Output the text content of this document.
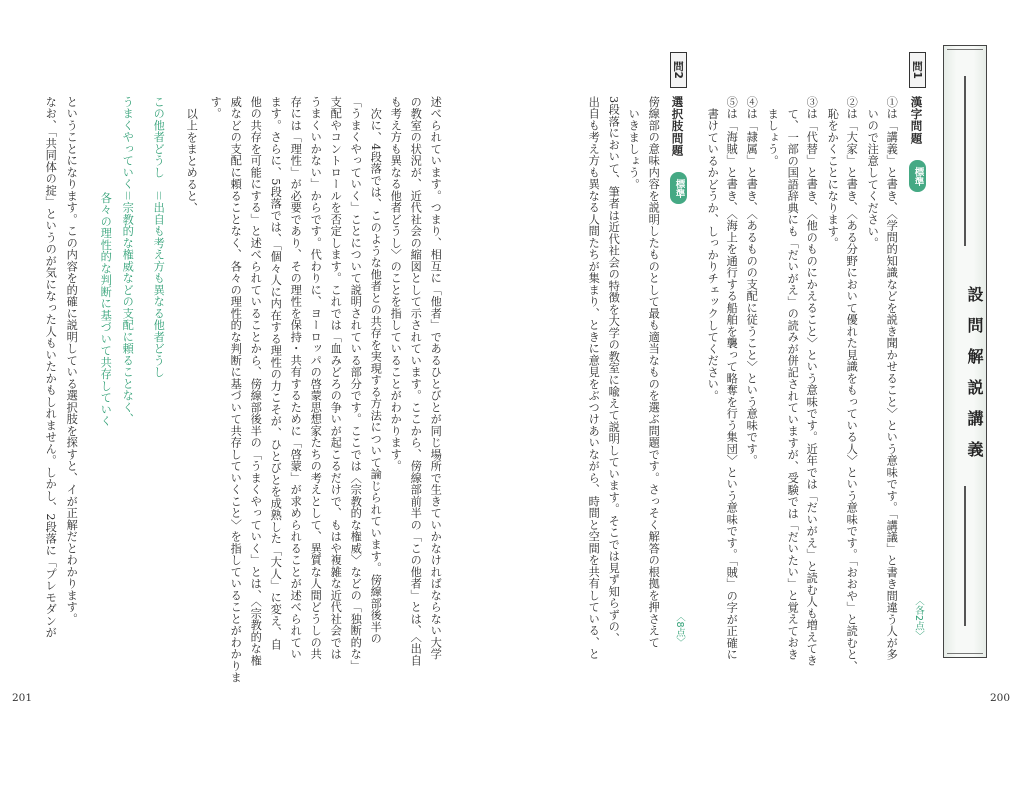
設問解説講義
問1
漢字問題
標準
〈各2点〉
①は「講義」と書き、〈学問的知識などを説き聞かせること〉という意味です。「講議」と書き間違う人が多
いので注意してください。
②は「大家」と書き、〈ある分野において優れた見識をもっている人〉という意味です。「おおや」と読むと、
恥をかくことになります。
③は「代替」と書き、〈他のものにかえること〉という意味です。近年では「だいがえ」と読む人も増えてき
て、一部の国語辞典にも「だいがえ」の読みが併記されていますが、受験では「だいたい」と覚えておき
ましょう。
④は「隷属」と書き、〈あるものの支配に従うこと〉という意味です。
⑤は「海賊」と書き、〈海上を通行する船舶を襲って略奪を行う集団〉という意味です。「賊」の字が正確に
書けているかどうか、しっかりチェックしてください。
問2
選択肢問題
標準
〈8点〉
傍線部の意味内容を説明したものとして最も適当なものを選ぶ問題です。さっそく解答の根拠を押さえて
いきましょう。
3段落において、筆者は近代社会の特徴を大学の教室に喩えて説明しています。そこでは見ず知らずの、
出自も考え方も異なる人間たちが集まり、ときに意見をぶつけあいながら、時間と空間を共有している、と
200
述べられています。つまり、相互に「他者」であるひとびとが同じ場所で生きていかなければならない大学
の教室の状況が、近代社会の縮図として示されています。ここから、傍線部前半の「この他者」とは、〈出自
も考え方も異なる他者どうし〉のことを指していることがわかります。
次に、4段落では、このような他者との共存を実現する方法について論じられています。傍線部後半の
「うまくやっていく」ことについて説明されている部分です。ここでは〈宗教的な権威〉などの「独断的な」
支配やコントロールを否定します。これでは「血みどろの争いが起こるだけで、もはや複雑な近代社会では
うまくいかない」からです。代わりに、ヨーロッパの啓蒙思想家たちの考えとして、異質な人間どうしの共
存には「理性」が必要であり、その理性を保持・共有するために「啓蒙」が求められることが述べられてい
ます。さらに、5段落では、「個々人に内在する理性の力こそが、ひとびとを成熟した「大人」に変え、自
他の共存を可能にする」と述べられていることから、傍線部後半の「うまくやっていく」とは、〈宗教的な権
威などの支配に頼ることなく、各々の理性的な判断に基づいて共存していくこと〉を指していることがわかりま
す。
以上をまとめると、
この他者どうし　＝出自も考え方も異なる他者どうし
うまくやっていく＝宗教的な権威などの支配に頼ることなく、
各々の理性的な判断に基づいて共存していく
ということになります。この内容を的確に説明している選択肢を探すと、イが正解だとわかります。
なお、「共同体の掟」というのが気になった人もいたかもしれません。しかし、2段落に「プレモダンが
201
